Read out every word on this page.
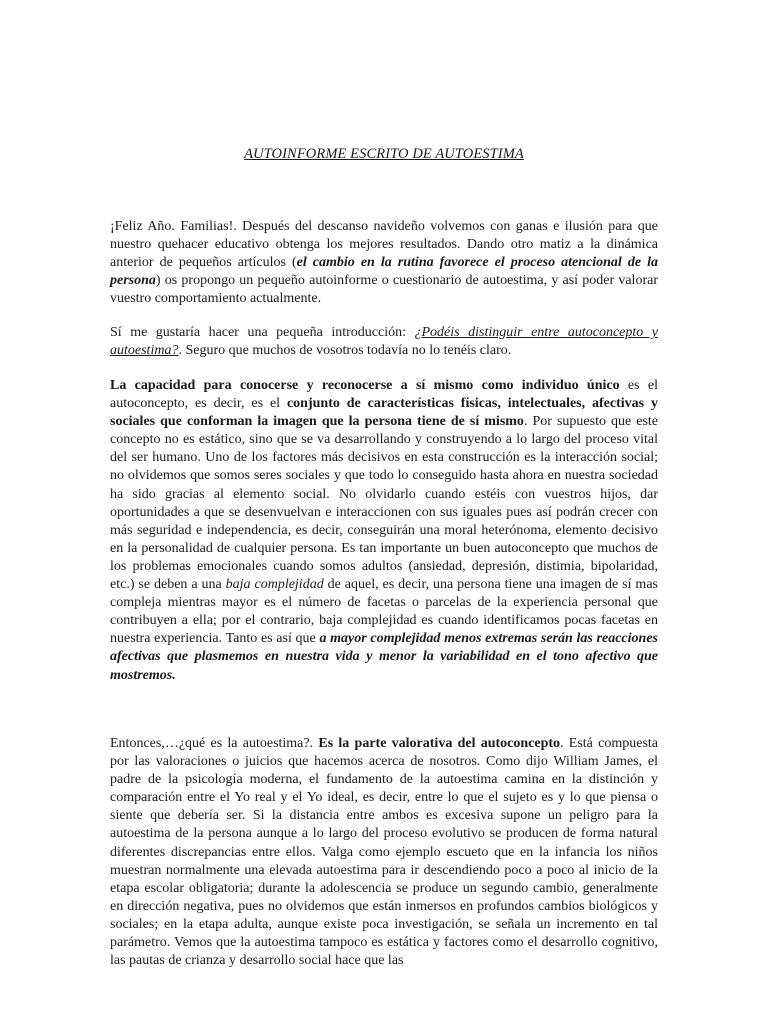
AUTOINFORME ESCRITO DE AUTOESTIMA

¡Feliz Año. Familias!. Después del descanso navideño volvemos con ganas e ilusión para que nuestro quehacer educativo obtenga los mejores resultados. Dando otro matiz a la dinámica anterior de pequeños artículos (el cambio en la rutina favorece el proceso atencional de la persona) os propongo un pequeño autoinforme o cuestionario de autoestima, y así poder valorar vuestro comportamiento actualmente.

Sí me gustaría hacer una pequeña introducción: ¿Podéis distinguir entre autoconcepto y autoestima?. Seguro que muchos de vosotros todavía no lo tenéis claro.

La capacidad para conocerse y reconocerse a sí mismo como individuo único es el autoconcepto, es decir, es el conjunto de características físicas, intelectuales, afectivas y sociales que conforman la imagen que la persona tiene de sí mismo. Por supuesto que este concepto no es estático, sino que se va desarrollando y construyendo a lo largo del proceso vital del ser humano. Uno de los factores más decisivos en esta construcción es la interacción social; no olvidemos que somos seres sociales y que todo lo conseguido hasta ahora en nuestra sociedad ha sido gracias al elemento social. No olvidarlo cuando estéis con vuestros hijos, dar oportunidades a que se desenvuelvan e interaccionen con sus iguales pues así podrán crecer con más seguridad e independencia, es decir, conseguirán una moral heterónoma, elemento decisivo en la personalidad de cualquier persona. Es tan importante un buen autoconcepto que muchos de los problemas emocionales cuando somos adultos (ansiedad, depresión, distimia, bipolaridad, etc.) se deben a una baja complejidad de aquel, es decir, una persona tiene una imagen de sí mas compleja mientras mayor es el número de facetas o parcelas de la experiencia personal que contribuyen a ella; por el contrario, baja complejidad es cuando identificamos pocas facetas en nuestra experiencia. Tanto es así que a mayor complejidad menos extremas serán las reacciones afectivas que plasmemos en nuestra vida y menor la variabilidad en el tono afectivo que mostremos.

Entonces,…¿qué es la autoestima?. Es la parte valorativa del autoconcepto. Está compuesta por las valoraciones o juicios que hacemos acerca de nosotros. Como dijo William James, el padre de la psicología moderna, el fundamento de la autoestima camina en la distinción y comparación entre el Yo real y el Yo ideal, es decir, entre lo que el sujeto es y lo que piensa o siente que debería ser. Si la distancia entre ambos es excesiva supone un peligro para la autoestima de la persona aunque a lo largo del proceso evolutivo se producen de forma natural diferentes discrepancias entre ellos. Valga como ejemplo escueto que en la infancia los niños muestran normalmente una elevada autoestima para ir descendiendo poco a poco al inicio de la etapa escolar obligatoria; durante la adolescencia se produce un segundo cambio, generalmente en dirección negativa, pues no olvidemos que están inmersos en profundos cambios biológicos y sociales; en la etapa adulta, aunque existe poca investigación, se señala un incremento en tal parámetro. Vemos que la autoestima tampoco es estática y factores como el desarrollo cognitivo, las pautas de crianza y desarrollo social hace que las
